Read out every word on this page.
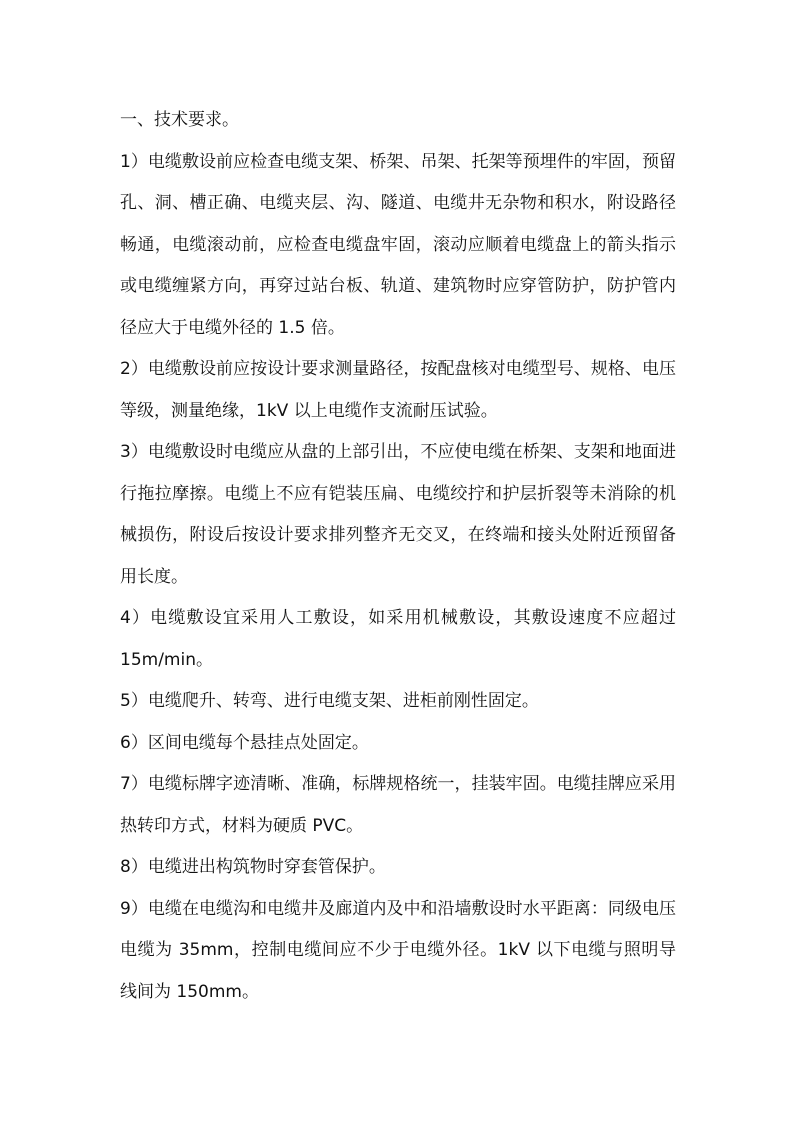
一、技术要求。

1）电缆敷设前应检查电缆支架、桥架、吊架、托架等预埋件的牢固，预留孔、洞、槽正确、电缆夹层、沟、隧道、电缆井无杂物和积水，附设路径畅通，电缆滚动前，应检查电缆盘牢固，滚动应顺着电缆盘上的箭头指示或电缆缠紧方向，再穿过站台板、轨道、建筑物时应穿管防护，防护管内径应大于电缆外径的 1.5 倍。

2）电缆敷设前应按设计要求测量路径，按配盘核对电缆型号、规格、电压等级，测量绝缘，1kV 以上电缆作支流耐压试验。

3）电缆敷设时电缆应从盘的上部引出，不应使电缆在桥架、支架和地面进行拖拉摩擦。电缆上不应有铠装压扁、电缆绞拧和护层折裂等未消除的机械损伤，附设后按设计要求排列整齐无交叉，在终端和接头处附近预留备用长度。

4）电缆敷设宜采用人工敷设，如采用机械敷设，其敷设速度不应超过 15m/min。

5）电缆爬升、转弯、进行电缆支架、进柜前刚性固定。

6）区间电缆每个悬挂点处固定。

7）电缆标牌字迹清晰、准确，标牌规格统一，挂装牢固。电缆挂牌应采用热转印方式，材料为硬质 PVC。

8）电缆进出构筑物时穿套管保护。

9）电缆在电缆沟和电缆井及廊道内及中和沿墙敷设时水平距离：同级电压电缆为 35mm，控制电缆间应不少于电缆外径。1kV 以下电缆与照明导线间为 150mm。
